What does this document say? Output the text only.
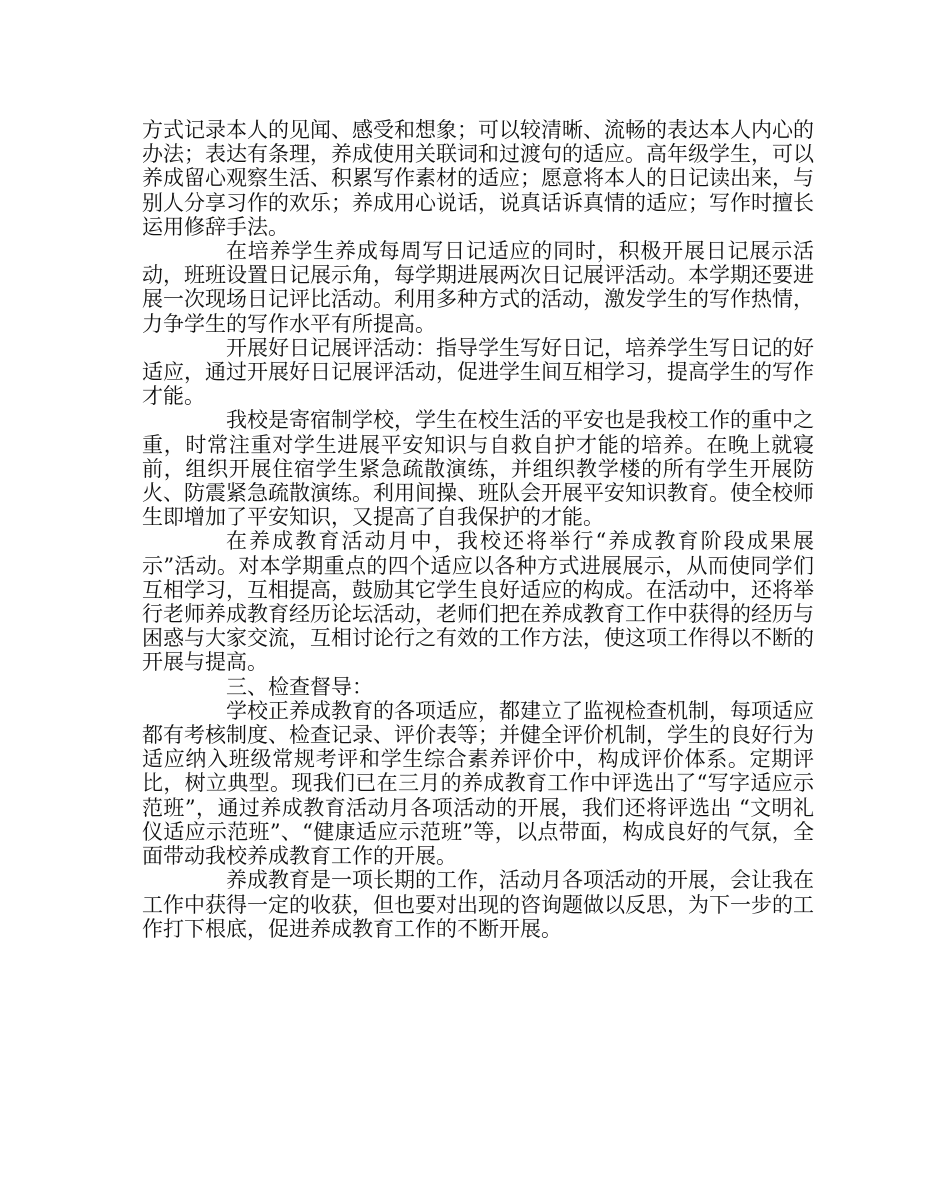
方式记录本人的见闻、感受和想象；可以较清晰、流畅的表达本人内心的办法；表达有条理，养成使用关联词和过渡句的适应。高年级学生，可以养成留心观察生活、积累写作素材的适应；愿意将本人的日记读出来，与别人分享习作的欢乐；养成用心说话，说真话诉真情的适应；写作时擅长运用修辞手法。

在培养学生养成每周写日记适应的同时，积极开展日记展示活动，班班设置日记展示角，每学期进展两次日记展评活动。本学期还要进展一次现场日记评比活动。利用多种方式的活动，激发学生的写作热情，力争学生的写作水平有所提高。

开展好日记展评活动：指导学生写好日记，培养学生写日记的好适应，通过开展好日记展评活动，促进学生间互相学习，提高学生的写作才能。

我校是寄宿制学校，学生在校生活的平安也是我校工作的重中之重，时常注重对学生进展平安知识与自救自护才能的培养。在晚上就寝前，组织开展住宿学生紧急疏散演练，并组织教学楼的所有学生开展防火、防震紧急疏散演练。利用间操、班队会开展平安知识教育。使全校师生即增加了平安知识，又提高了自我保护的才能。

在养成教育活动月中，我校还将举行“养成教育阶段成果展示”活动。对本学期重点的四个适应以各种方式进展展示，从而使同学们互相学习，互相提高，鼓励其它学生良好适应的构成。在活动中，还将举行老师养成教育经历论坛活动，老师们把在养成教育工作中获得的经历与困惑与大家交流，互相讨论行之有效的工作方法，使这项工作得以不断的开展与提高。

三、检查督导：

学校正养成教育的各项适应，都建立了监视检查机制，每项适应都有考核制度、检查记录、评价表等；并健全评价机制，学生的良好行为适应纳入班级常规考评和学生综合素养评价中，构成评价体系。定期评比，树立典型。现我们已在三月的养成教育工作中评选出了“写字适应示范班”，通过养成教育活动月各项活动的开展，我们还将评选出 “文明礼仪适应示范班”、“健康适应示范班”等，以点带面，构成良好的气氛，全面带动我校养成教育工作的开展。

养成教育是一项长期的工作，活动月各项活动的开展，会让我在工作中获得一定的收获，但也要对出现的咨询题做以反思，为下一步的工作打下根底，促进养成教育工作的不断开展。
